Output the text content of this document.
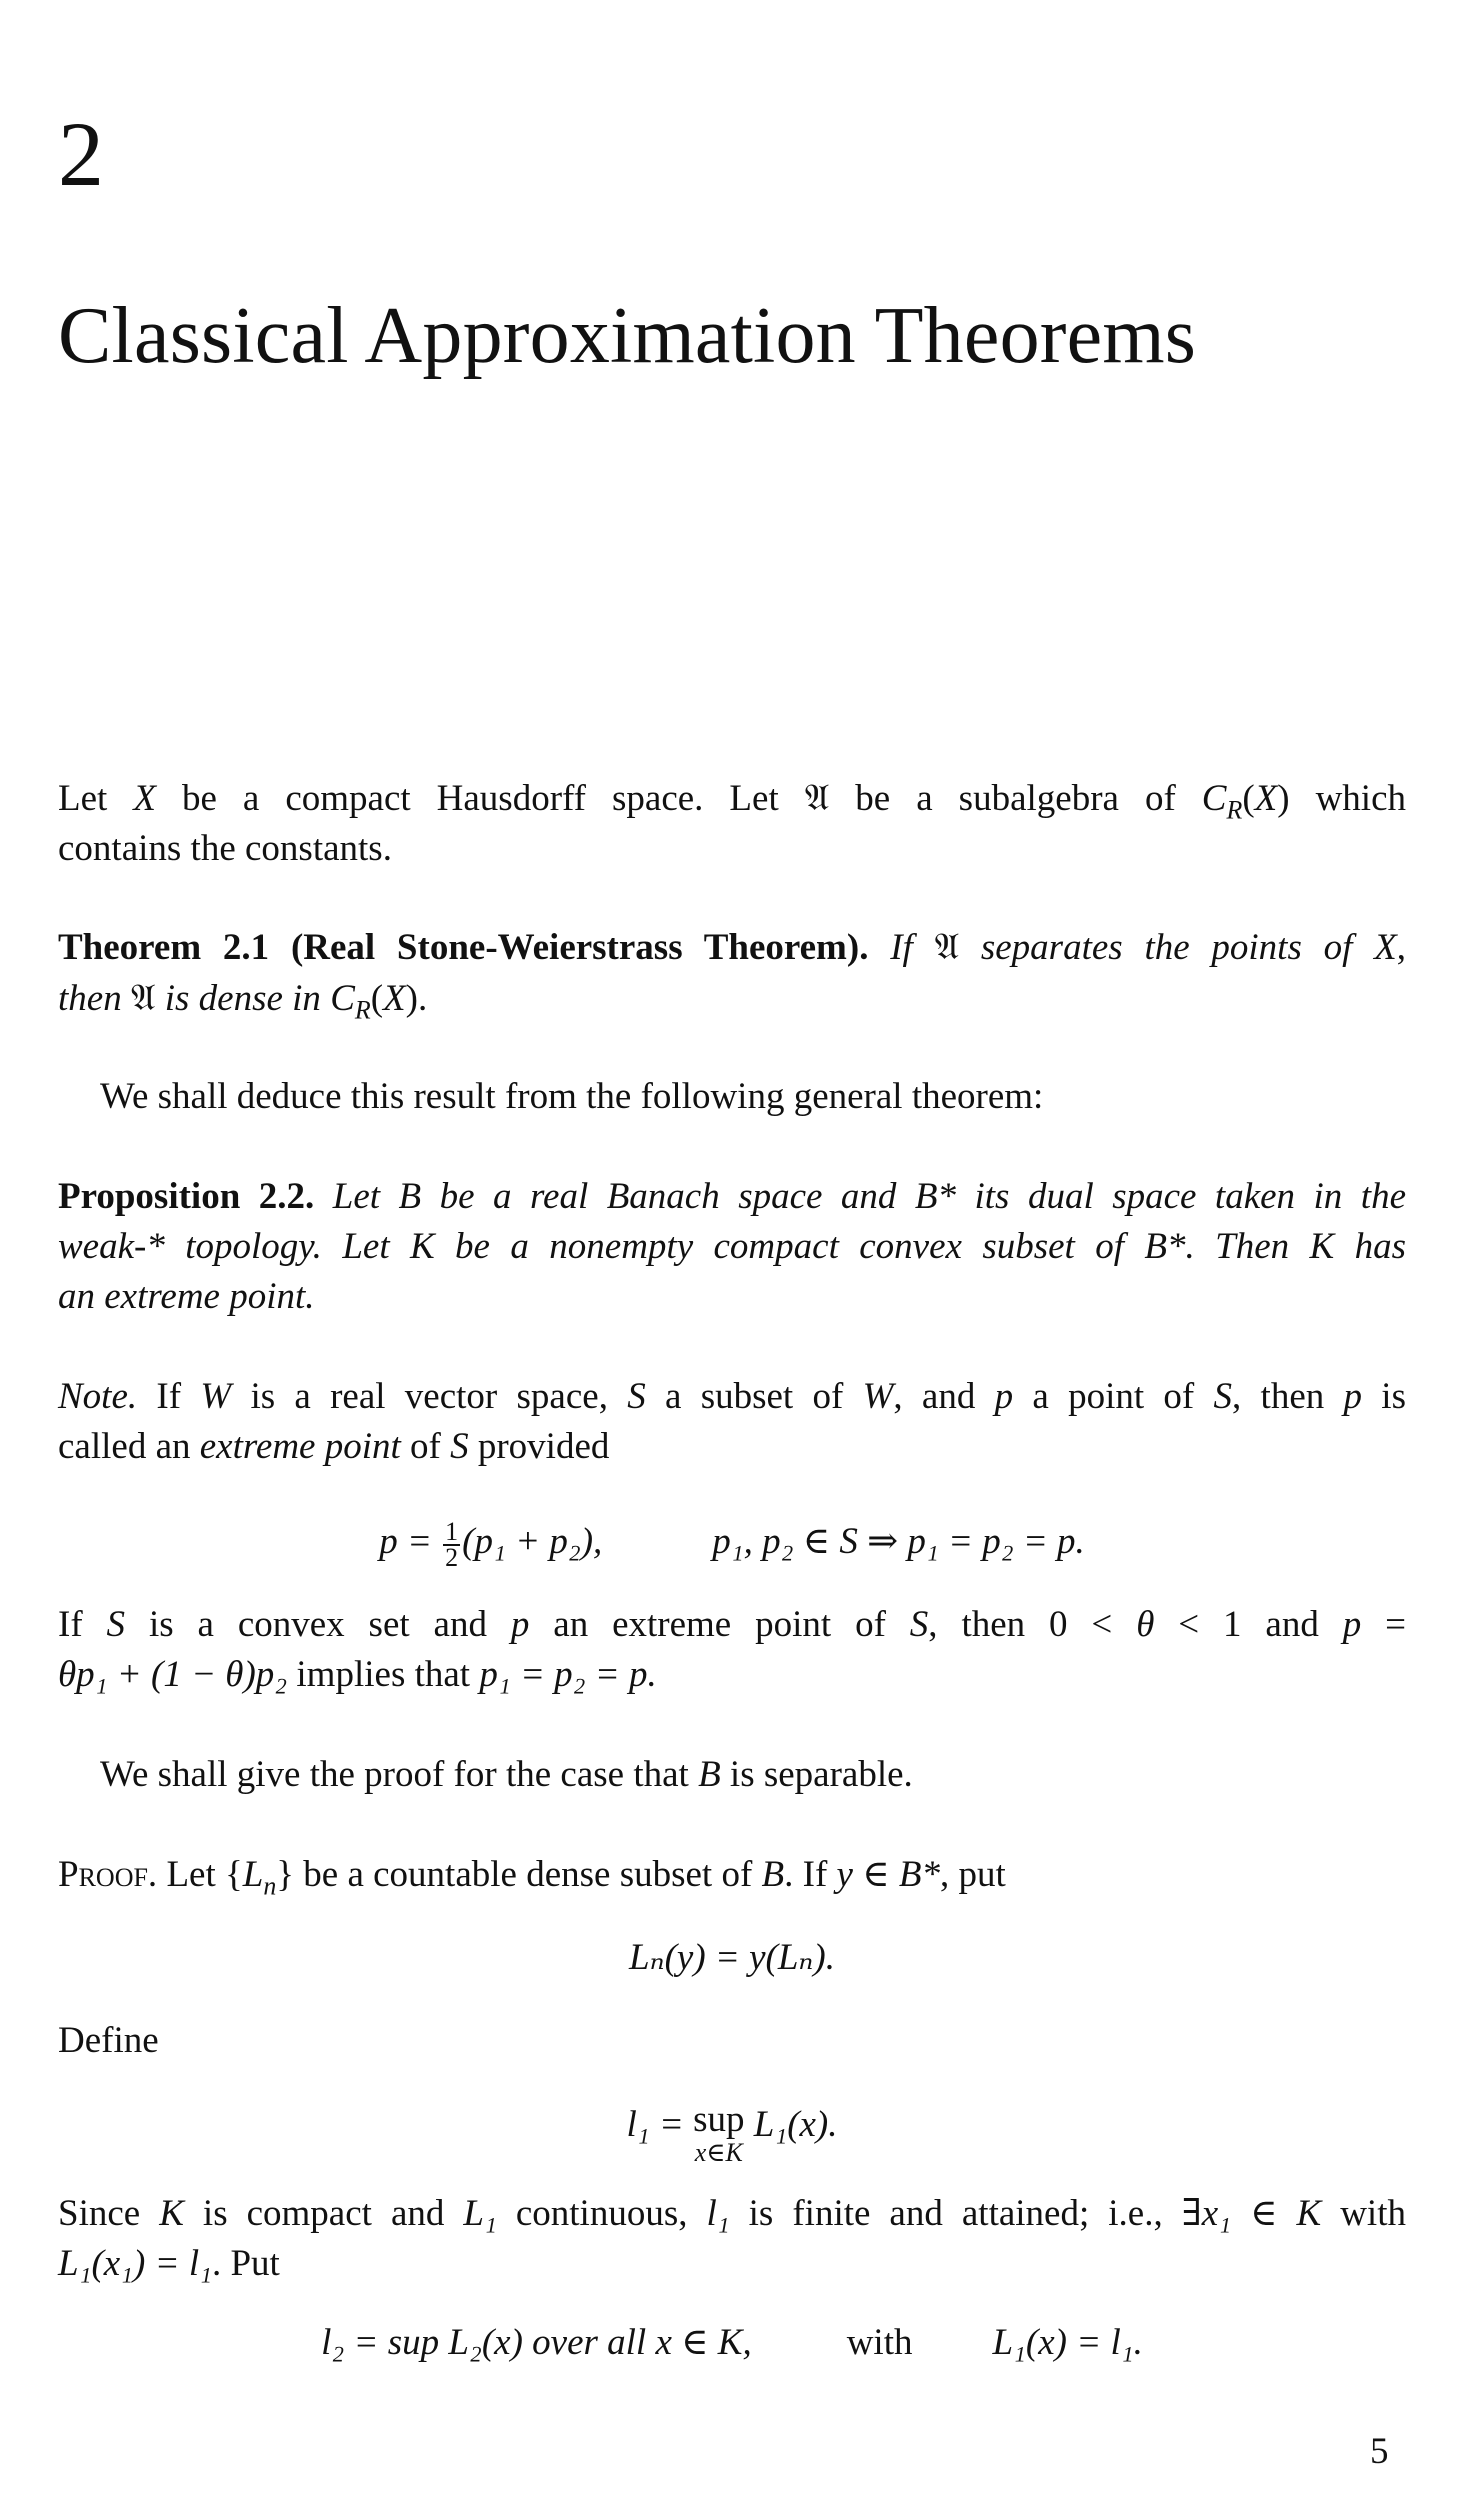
2
Classical Approximation Theorems
Let X be a compact Hausdorff space. Let 𝔄 be a subalgebra of $C_R(X)$ which
contains the constants.
Theorem 2.1 (Real Stone-Weierstrass Theorem). If 𝔄 separates the points of X,
then 𝔄 is dense in $C_R(X)$.
We shall deduce this result from the following general theorem:
Proposition 2.2. Let B be a real Banach space and B* its dual space taken in the
weak-* topology. Let K be a nonempty compact convex subset of B*. Then K has
an extreme point.
Note. If W is a real vector space, S a subset of W, and p a point of S, then p is
called an extreme point of S provided
$p = \frac{1}{2} (p_1 + p_2)$,	p₁, p₂ ∈ S ⇒ p₁ = p₂ = p.
If S is a convex set and p an extreme point of S, then 0 < θ < 1 and p =
θp₁ + (1 − θ)p₂ implies that p₁ = p₂ = p.
We shall give the proof for the case that B is separable.
Proof. Let $\{L_n\}$ be a countable dense subset of B. If y ∈ B*, put
Lₙ(y) = y(Lₙ).
Define
l₁ = sup
x∈K
L₁(x).
Since K is compact and L₁ continuous, l₁ is finite and attained; i.e., ∃x₁ ∈ K with
L₁(x₁) = l₁. Put
l₂ = sup L₂(x) over all x ∈ K,	with L₁(x) = l₁.
5
